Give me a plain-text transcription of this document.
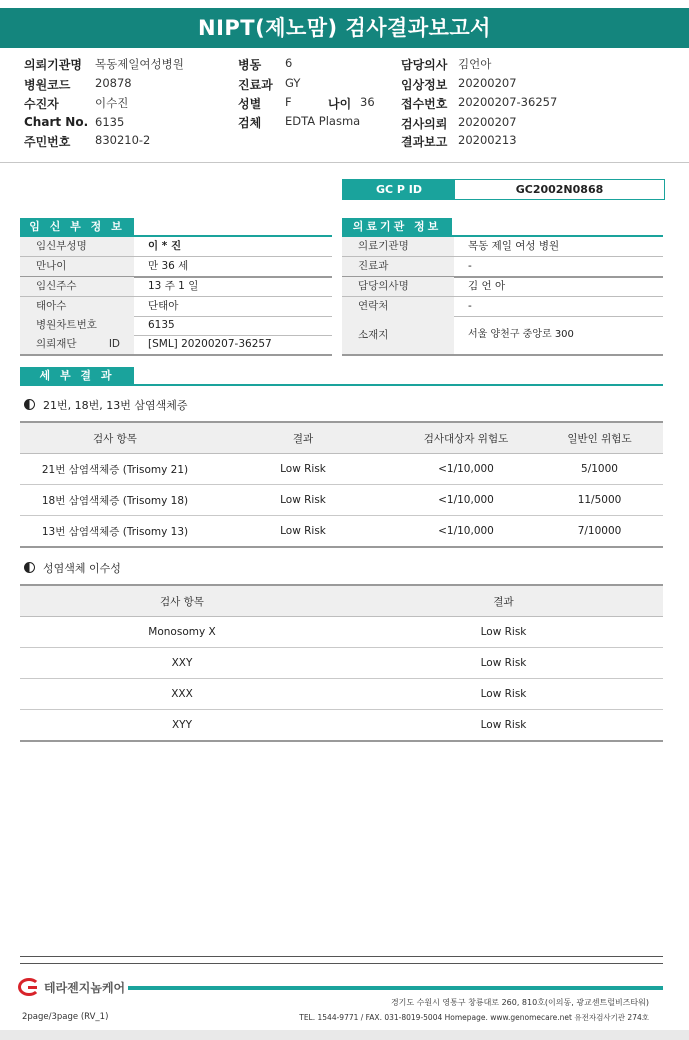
NIPT(제노맘) 검사결과보고서
의뢰기관명 목동제일여성병원
병원코드 20878
수진자	이수진
Chart No. 6135
주민번호 830210-2
병동 6
진료과 GY
성별 F	나이 36
검체 EDTA Plasma
담당의사 김언아
임상정보 20200207
접수번호 20200207-36257
검사의뢰 20200207
결과보고 20200213
GC P ID	GC2002N0868
임 신 부 정 보
임신부성명	이 * 진
만나이	만 36 세
임신주수	13 주 1 일
태아수	단태아
병원차트번호	6135
의뢰재단 ID	[SML] 20200207-36257
의료기관 정보
의료기관명	목동 제일 여성 병원
진료과	-
담당의사명	김 언 아
연락처	-
소재지	서울 양천구 중앙로 300
세 부 결 과
21번, 18번, 13번 삼염색체증
검사 항목	결과	검사대상자 위험도	일반인 위험도
21번 삼염색체증 (Trisomy 21)	Low Risk	<1/10,000	5/1000
18번 삼염색체증 (Trisomy 18)	Low Risk	<1/10,000	11/5000
13번 삼염색체증 (Trisomy 13)	Low Risk	<1/10,000	7/10000
성염색체 이수성
검사 항목	결과
Monosomy X	Low Risk
XXY	Low Risk
XXX	Low Risk
XYY	Low Risk
테라젠지놈케어
경기도 수원시 영통구 창룡대로 260, 810호(이의동, 광교센트럴비즈타워)
TEL. 1544-9771 / FAX. 031-8019-5004 Homepage. www.genomecare.net 유전자검사기관 274호
2page/3page (RV_1)
